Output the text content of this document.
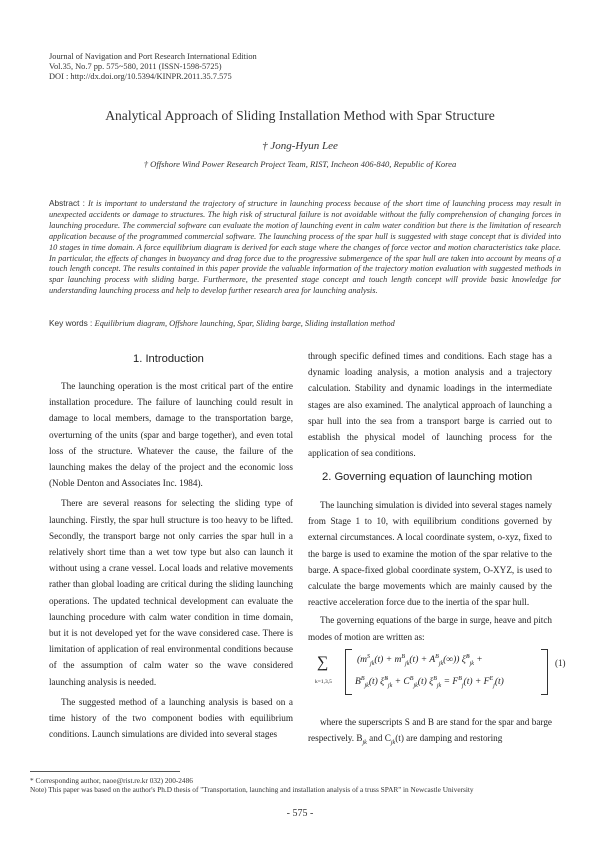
Journal of Navigation and Port Research International Edition
Vol.35, No.7 pp. 575~580, 2011 (ISSN-1598-5725)
DOI : http://dx.doi.org/10.5394/KINPR.2011.35.7.575
Analytical Approach of Sliding Installation Method with Spar Structure
† Jong-Hyun Lee
† Offshore Wind Power Research Project Team, RIST, Incheon 406-840, Republic of Korea
Abstract : It is important to understand the trajectory of structure in launching process because of the short time of launching process may result in unexpected accidents or damage to structures. The high risk of structural failure is not avoidable without the fully comprehension of changing forces in launching procedure. The commercial software can evaluate the motion of launching event in calm water condition but there is the limitation of research application because of the programmed commercial software. The launching process of the spar hull is suggested with stage concept that is divided into 10 stages in time domain. A force equilibrium diagram is derived for each stage where the changes of force vector and motion characteristics take place. In particular, the effects of changes in buoyancy and drag force due to the progressive submergence of the spar hull are taken into account by means of a touch length concept. The results contained in this paper provide the valuable information of the trajectory motion evaluation with suggested methods in spar launching process with sliding barge. Furthermore, the presented stage concept and touch length concept will provide basic knowledge for understanding launching process and help to develop further research area for launching analysis.
Key words : Equilibrium diagram, Offshore launching, Spar, Sliding barge, Sliding installation method
1. Introduction

The launching operation is the most critical part of the entire installation procedure. The failure of launching could result in damage to local members, damage to the transportation barge, overturning of the units (spar and barge together), and even total loss of the structure. Whatever the cause, the failure of the launching makes the delay of the project and the economic loss (Noble Denton and Associates Inc. 1984).

There are several reasons for selecting the sliding type of launching. Firstly, the spar hull structure is too heavy to be lifted. Secondly, the transport barge not only carries the spar hull in a relatively short time than a wet tow type but also can launch it without using a crane vessel. Local loads and relative movements rather than global loading are critical during the sliding launching operations. The updated technical development can evaluate the launching procedure with calm water condition in time domain, but it is not developed yet for the wave considered case. There is limitation of application of real environmental conditions because of the assumption of calm water so the wave considered launching analysis is needed.

The suggested method of a launching analysis is based on a time history of the two component bodies with equilibrium conditions. Launch simulations are divided into several stages

through specific defined times and conditions. Each stage has a dynamic loading analysis, a motion analysis and a trajectory calculation. Stability and dynamic loadings in the intermediate stages are also examined. The analytical approach of launching a spar hull into the sea from a transport barge is carried out to establish the physical model of launching process for the application of sea conditions.

2. Governing equation of launching motion

The launching simulation is divided into several stages namely from Stage 1 to 10, with equilibrium conditions governed by external circumstances. A local coordinate system, o-xyz, fixed to the barge is used to examine the motion of the spar relative to the barge. A space-fixed global coordinate system, O-XYZ, is used to calculate the barge movements which are mainly caused by the reactive acceleration force due to the inertia of the spar hull.

The governing equations of the barge in surge, heave and pitch modes of motion are written as:

∑
k=1,3,5
$(m^S_{jk}(t) + m^B_{jk}(t) + A^B_{jk}(\infty))$ ξ̈$^B_{jk}$ +
$B^B_{jk}(t)$ ξ̇$^B_{jk}$ + $C^B_{jk}(t) \xi^B_{jk} = F^B_j(t) + F^E_j(t)$
(1)

where the superscripts S and B are stand for the spar and barge respectively. $B_{jk}$ and $C_{jk}(t)$ are damping and restoring

* Corresponding author, naoe@rist.re.kr 032) 200-2486
Note) This paper was based on the author's Ph.D thesis of "Transportation, launching and installation analysis of a truss SPAR" in Newcastle University
- 575 -
